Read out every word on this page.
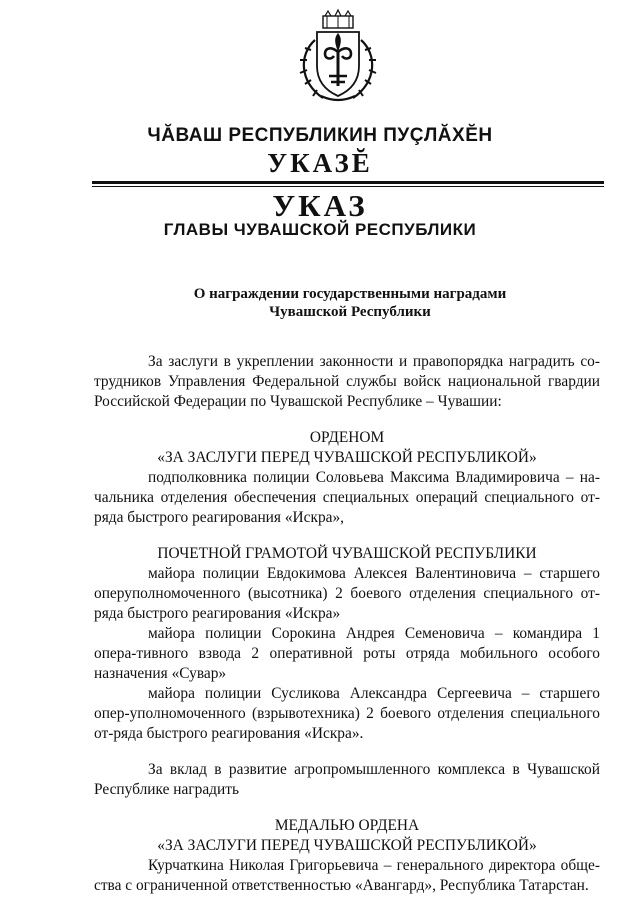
ЧĂВАШ РЕСПУБЛИКИН ПУÇЛĂХĔН
УКАЗĔ
УКАЗ
ГЛАВЫ ЧУВАШСКОЙ РЕСПУБЛИКИ
О награждении государственными наградами
Чувашской Республики

За заслуги в укреплении законности и правопорядка наградить со-трудников Управления Федеральной службы войск национальной гвардии Российской Федерации по Чувашской Республике – Чувашии:

ОРДЕНОМ

«ЗА ЗАСЛУГИ ПЕРЕД ЧУВАШСКОЙ РЕСПУБЛИКОЙ»

подполковника полиции Соловьева Максима Владимировича – на-чальника отделения обеспечения специальных операций специального от-ряда быстрого реагирования «Искра»,

ПОЧЕТНОЙ ГРАМОТОЙ ЧУВАШСКОЙ РЕСПУБЛИКИ

майора полиции Евдокимова Алексея Валентиновича – старшего оперуполномоченного (высотника) 2 боевого отделения специального от-ряда быстрого реагирования «Искра»

майора полиции Сорокина Андрея Семеновича – командира 1 опера-тивного взвода 2 оперативной роты отряда мобильного особого назначения «Сувар»

майора полиции Сусликова Александра Сергеевича – старшего опер-уполномоченного (взрывотехника) 2 боевого отделения специального от-ряда быстрого реагирования «Искра».

За вклад в развитие агропромышленного комплекса в Чувашской Республике наградить

МЕДАЛЬЮ ОРДЕНА

«ЗА ЗАСЛУГИ ПЕРЕД ЧУВАШСКОЙ РЕСПУБЛИКОЙ»

Курчаткина Николая Григорьевича – генерального директора обще-ства с ограниченной ответственностью «Авангард», Республика Татарстан.
